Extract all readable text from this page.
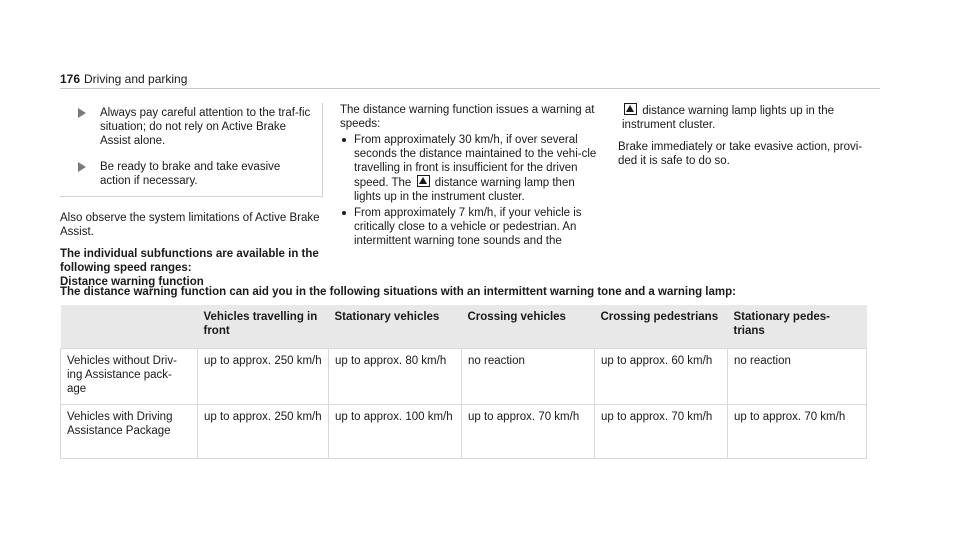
176 Driving and parking
Always pay careful attention to the traf-fic situation; do not rely on Active Brake Assist alone.
Be ready to brake and take evasive action if necessary.

Also observe the system limitations of Active Brake Assist.

The individual subfunctions are available in the following speed ranges:

Distance warning function

The distance warning function issues a warning at speeds:

From approximately 30 km/h, if over several seconds the distance maintained to the vehi-cle travelling in front is insufficient for the driven speed. The distance warning lamp then lights up in the instrument cluster.
From approximately 7 km/h, if your vehicle is critically close to a vehicle or pedestrian. An intermittent warning tone sounds and the

distance warning lamp lights up in the instrument cluster.

Brake immediately or take evasive action, provi-ded it is safe to do so.

The distance warning function can aid you in the following situations with an intermittent warning tone and a warning lamp:
	Vehicles travelling in front	Stationary vehicles	Crossing vehicles	Crossing pedestrians	Stationary pedes-trians
Vehicles without Driv-ing Assistance pack-age	up to approx. 250 km/h	up to approx. 80 km/h	no reaction	up to approx. 60 km/h	no reaction
Vehicles with Driving Assistance Package	up to approx. 250 km/h	up to approx. 100 km/h	up to approx. 70 km/h	up to approx. 70 km/h	up to approx. 70 km/h
